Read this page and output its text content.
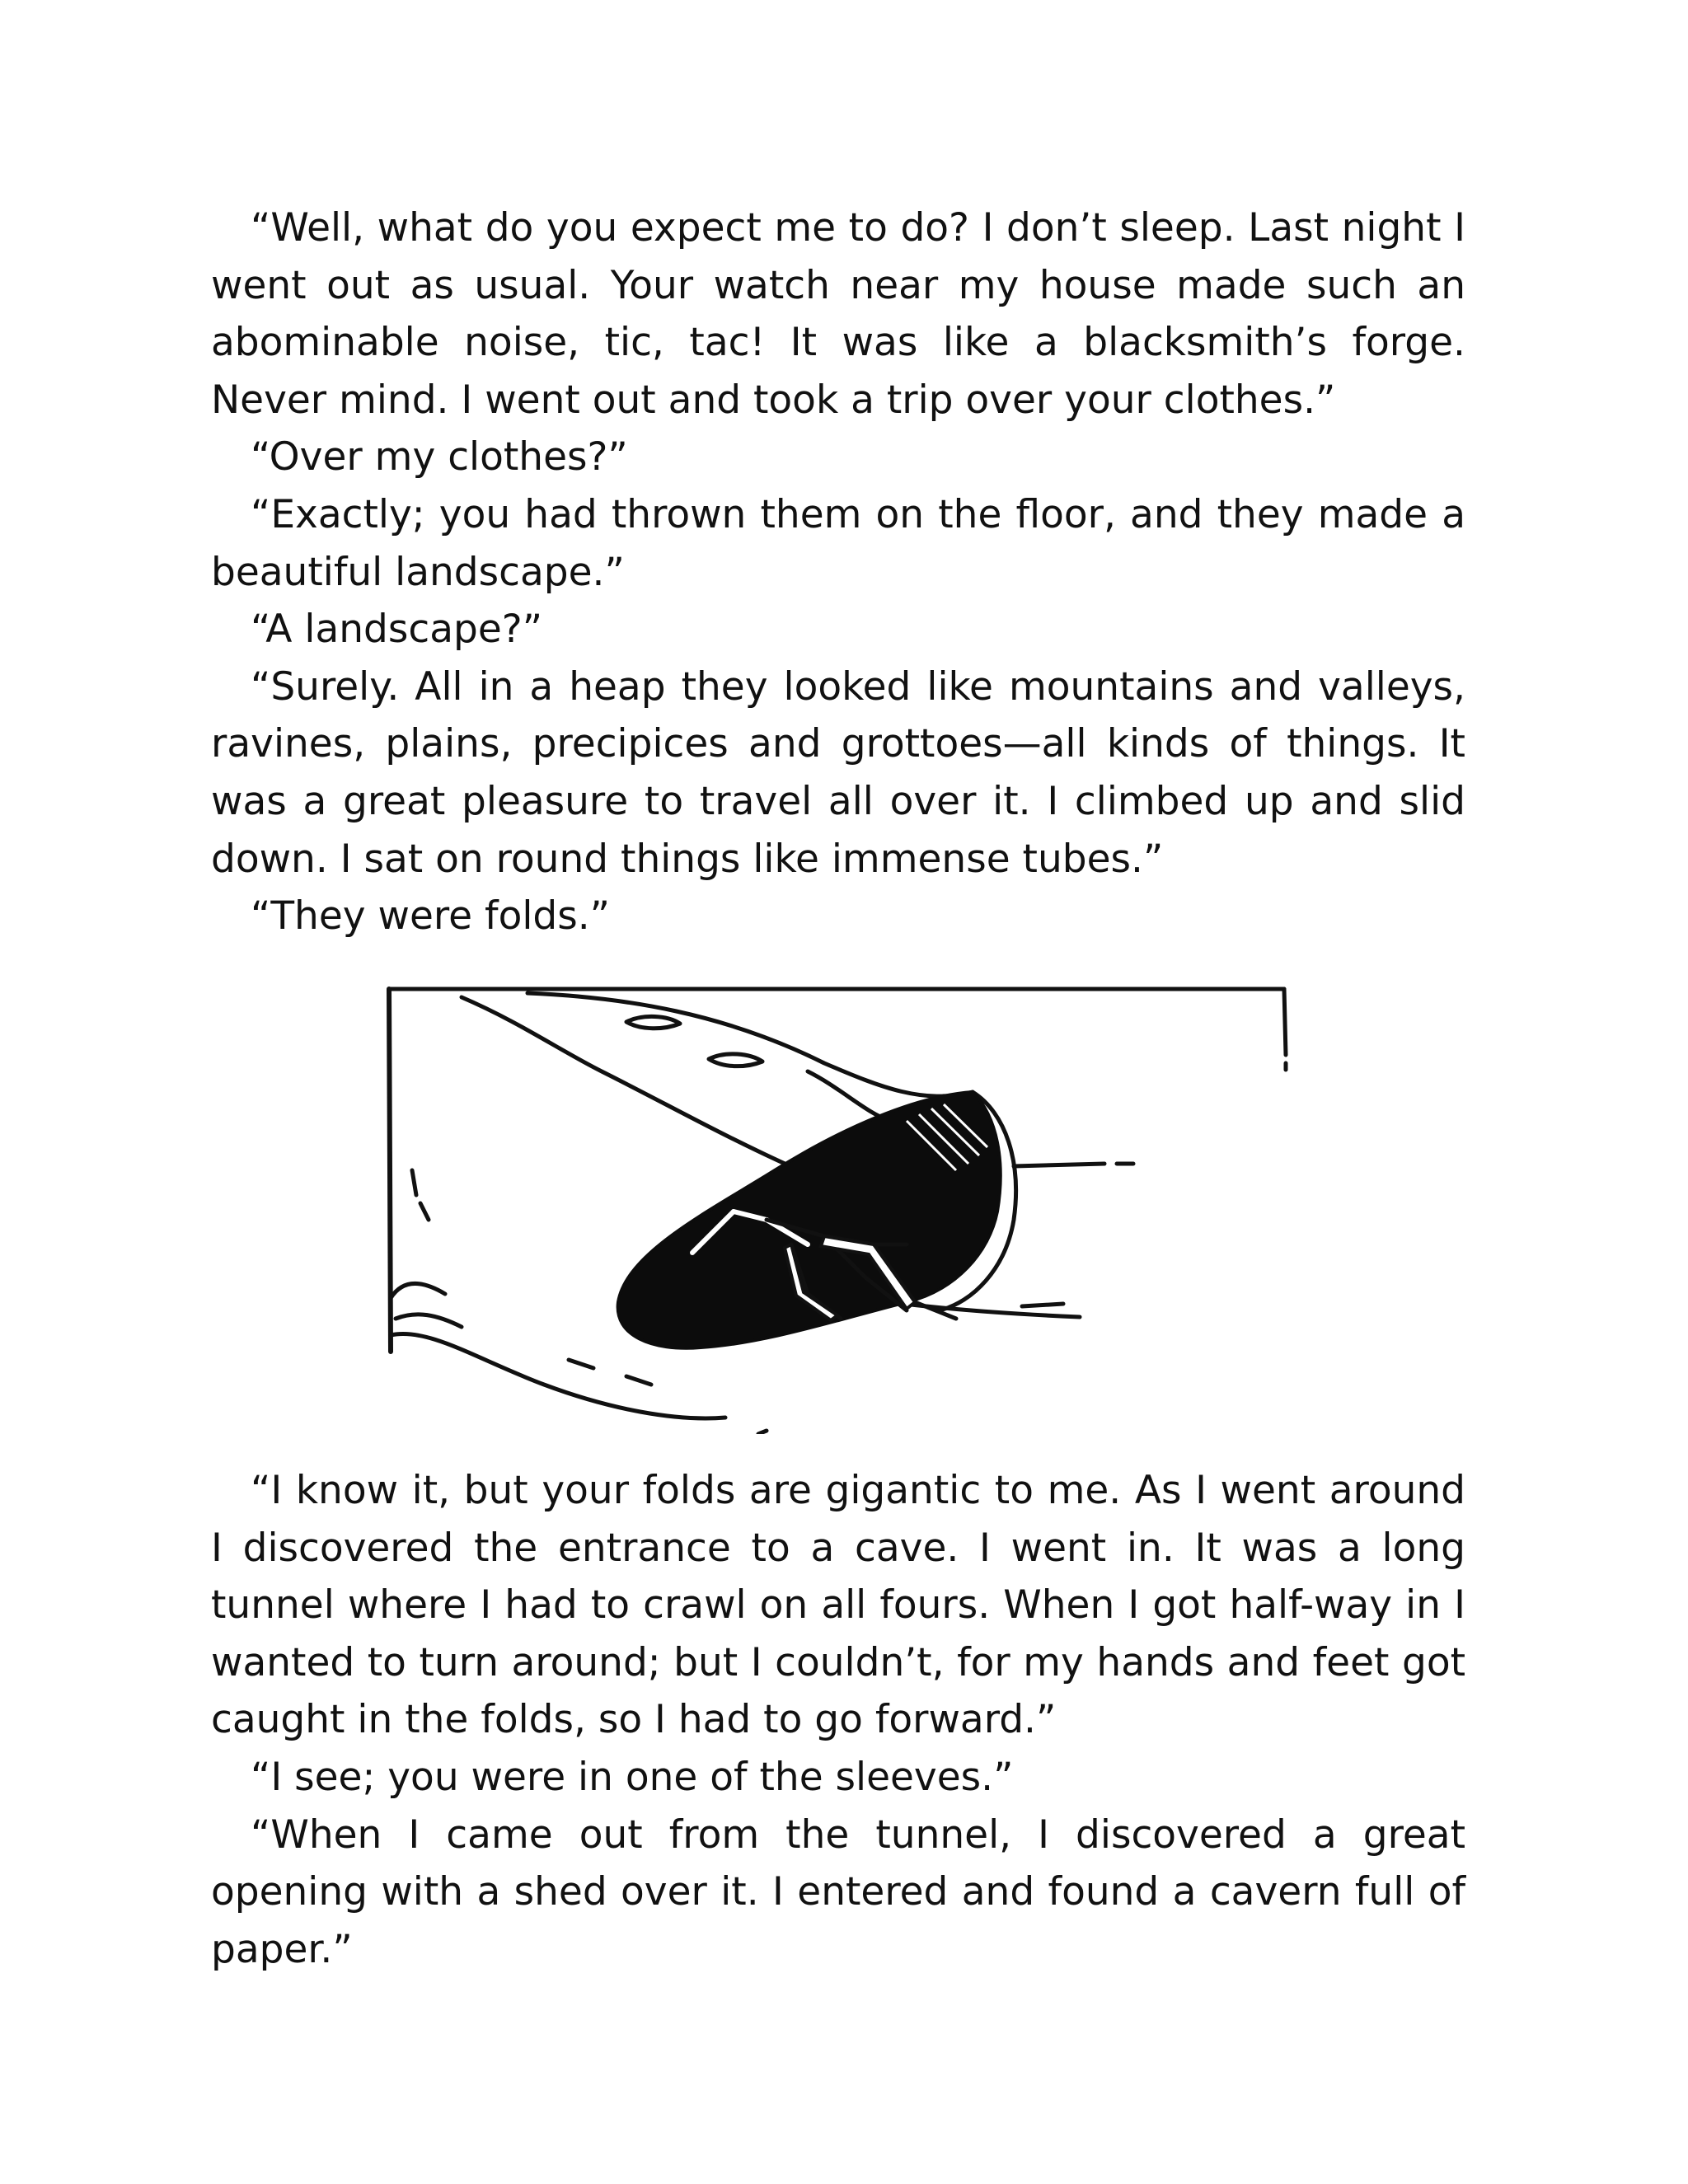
“Well, what do you expect me to do? I don’t sleep. Last night I went out as usual. Your watch near my house made such an abominable noise, tic, tac! It was like a blacksmith’s forge. Never mind. I went out and took a trip over your clothes.”

“Over my clothes?”

“Exactly; you had thrown them on the floor, and they made a beautiful landscape.”

“A landscape?”

“Surely. All in a heap they looked like mountains and valleys, ravines, plains, precipices and grottoes—all kinds of things. It was a great pleasure to travel all over it. I climbed up and slid down. I sat on round things like immense tubes.”

“They were folds.”

“I know it, but your folds are gigantic to me. As I went around I discovered the entrance to a cave. I went in. It was a long tunnel where I had to crawl on all fours. When I got half-way in I wanted to turn around; but I couldn’t, for my hands and feet got caught in the folds, so I had to go forward.”

“I see; you were in one of the sleeves.”

“When I came out from the tunnel, I discovered a great opening with a shed over it. I entered and found a cavern full of paper.”
